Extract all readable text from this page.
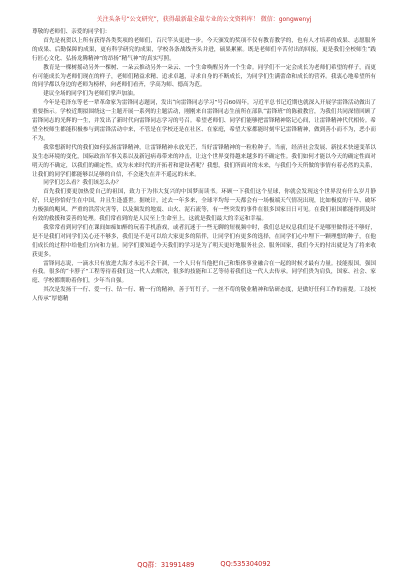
关注头条号“公文研究”，获得最新最全最专业的公文资料库！ 微信：gongwenyj

尊敬的老师们、亲爱的同学们：

首先是祝贺以上所有获得各类奖项的老师们，百尺竿头更进一步。今天颁发的奖项不仅有教育教学的，也有人才培养的成果、志愿服务的成果、后勤保障的成果，更有科学研究的成果，学校各条战线齐头并进，硕果累累。既是老师们辛苦付出的回报，更是我们全校师生“践行匠心文化、弘扬龙腾精神”的昂扬“精气神”的真实写照。

教育是一棵树摇动另外一棵树、一朵云推动另外一朵云、一个生命唤醒另外一个生命。同学们不一定会成长为老师们希望的样子，而更有可能成长为老师们现在的样子，老师们精益求精、追求卓越，寻求自身的不断成长，为同学们生满蕾命和成长的营养。我衷心地希望所有的同学都以身边的老师为榜样，向老师们看齐，学高为师、德高为范。

建议全场的同学们为老师们掌声加油。

今年是毛泽东等老一辈革命家为雷锋同志题词，发出“向雷锋同志学习”号召60周年。习近平总书记近期也就深入开展学雷锋活动做出了重要指示。学校近期拟围绕这一主题开展一系列的主题活动，刚刚来自雷锋同志生前所在部队“雷锋班”的陈毅教官，为我们共同深情回顾了雷锋同志的光辉的一生，并发出了新时代向雷锋同志学习的号召。希望老师们、同学们能够把雷锋精神铭记心间，让雷锋精神代代相传。希望全校师生都能积极参与到雷锋活动中来，不管是在学校还是在社区、在家庭，希望大家都能时刻牢记雷锋精神，做到善小而不为，恶小而不为。

我常想新时代的我们如何弘扬雷锋精神，让雷锋精神永放光芒，当好雷锋精神的一粒粒种子。当前，经济社会发展、新技术快速变革以及生态环境的变化，国际政治军事关系以及新冠病毒带来的冲击，让这个世界变得越来越多的不确定性。我们如何才能以今天的确定性面对明天的不确定，以我们的确定性，成为未来时代的开拓者和建设者呢？我想，我们所面对的未来，与我们今天所做的事情有着必然的关系，让我们的同学们都能够以足够的自信，不会迷失在并不遥远的未来。

同学们怎么看？我们该怎么办？

首先我们要更加热爱自己的祖国，致力于为伟大复兴的中国梦而读书。环顾一下我们这个星球，你就会发现这个世界没有什么岁月静好，只是你恰好生在中国，并且生逢盛世。据统计，过去一年多来，全球平均每一天都会有一场极端天气情况出现，比如极度的干旱、破坏力极强的飓风、严重的洪涝灾害等，以及频发的地震、山火、泥石流等，有一些突发的事件在很多国家日日可见。在我们祖国都能得到及时有效的救援和妥善的处理。我们常看到的是人民至上生命至上，这就是我们最大的幸运和幸福。

我常常看到同学们在课间如痴如醉的玩着手机游戏，或者沉迷于一些无聊的短视频中时，我们总是叹息我们是不是哪里做得还不够好，是不是我们对同学们关心还不够多，我们是不是可以给大家更多的陪伴，让同学们有更多的选择，在同学们心中埋下一颗理想的种子，在他们成长的过程中给他们方向和力量。同学们要知道今天我们的学习是为了明天更好地服务社会、服务国家，我们今天的付出就是为了将来收获更多。

雷锋同志说，一滴水只有放进大海才永远不会干涸，一个人只有当他把自己和集体事业融合在一起的时候才最有力量。技能报国，强国有我。很多的“卡脖子”工程等待着我们这一代人去解决，很多的技能和工艺等待着我们这一代人去传承。同学们贵为肩负，国家、社会、家庭、学校都期盼着你们，少年当自强。

其次是发扬干一行、爱一行、钻一行、精一行的精神，善于钉钉子。一丝不苟的敬业精神和钻研态度，是做好任何工作的前提。工技校人传承“厚德精

QQ群：31991489	QQ:535304092
